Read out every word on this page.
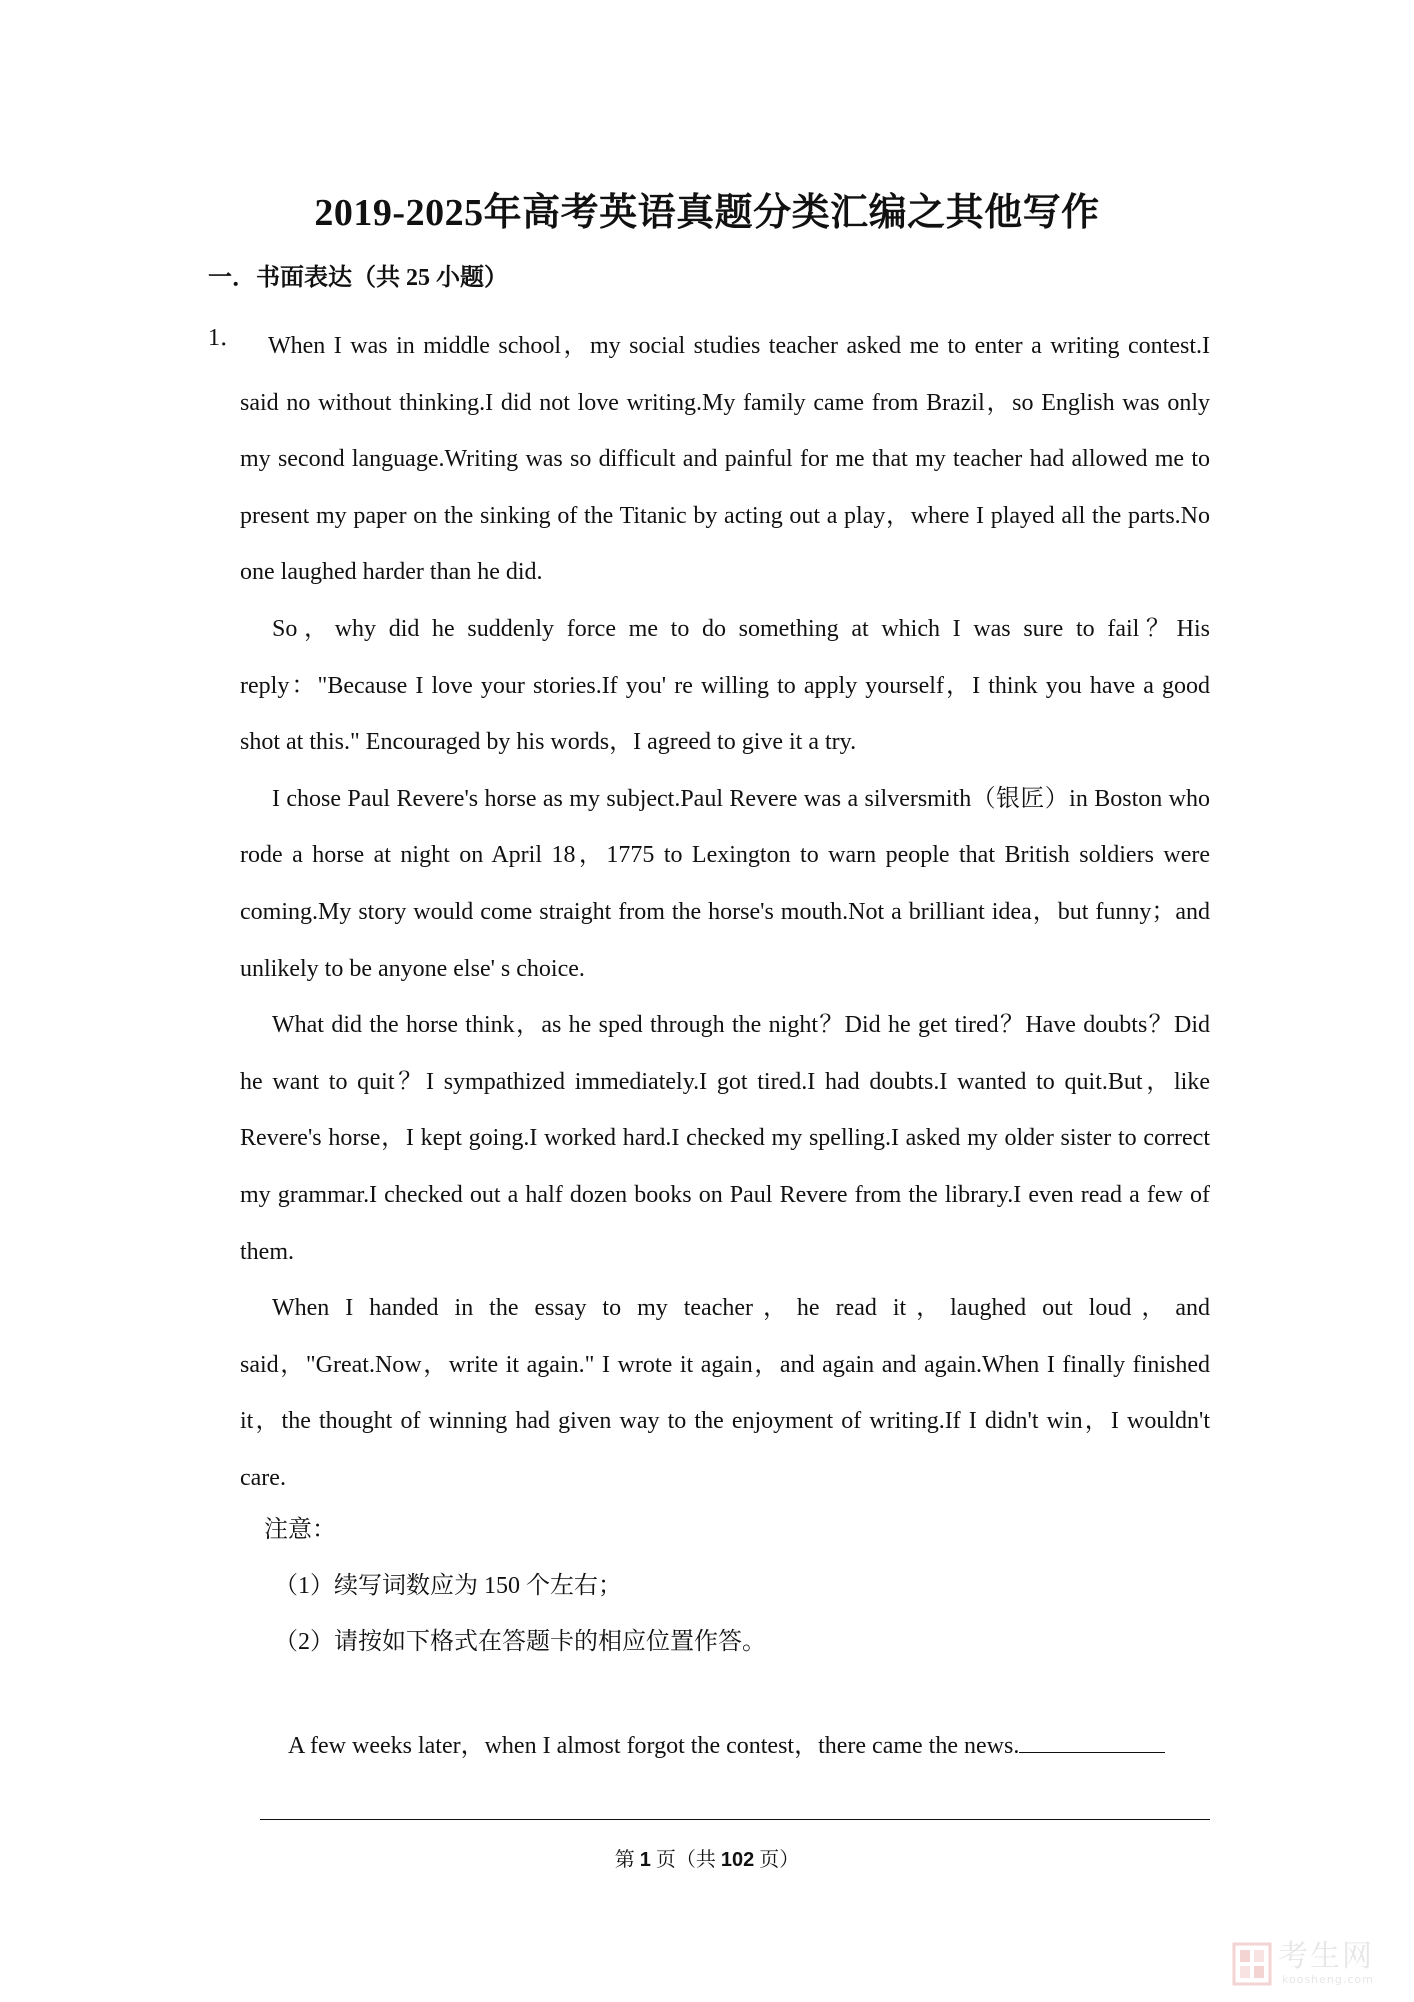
2019-2025年高考英语真题分类汇编之其他写作
一．书面表达（共 25 小题）
1．	When I was in middle school，my social studies teacher asked me to enter a writing contest.I said no without thinking.I did not love writing.My family came from Brazil，so English was only my second language.Writing was so difficult and painful for me that my teacher had allowed me to present my paper on the sinking of the Titanic by acting out a play，where I played all the parts.No one laughed harder than he did.

So，why did he suddenly force me to do something at which I was sure to fail？His reply："Because I love your stories.If you' re willing to apply yourself，I think you have a good shot at this." Encouraged by his words，I agreed to give it a try.

I chose Paul Revere's horse as my subject.Paul Revere was a silversmith（银匠）in Boston who rode a horse at night on April 18，1775 to Lexington to warn people that British soldiers were coming.My story would come straight from the horse's mouth.Not a brilliant idea，but funny；and unlikely to be anyone else' s choice.

What did the horse think，as he sped through the night？Did he get tired？Have doubts？Did he want to quit？I sympathized immediately.I got tired.I had doubts.I wanted to quit.But，like Revere's horse，I kept going.I worked hard.I checked my spelling.I asked my older sister to correct my grammar.I checked out a half dozen books on Paul Revere from the library.I even read a few of them.

When I handed in the essay to my teacher，he read it，laughed out loud，and said，"Great.Now，write it again." I wrote it again，and again and again.When I finally finished it，the thought of winning had given way to the enjoyment of writing.If I didn't win，I wouldn't care.

注意：

（1）续写词数应为 150 个左右；

（2）请按如下格式在答题卡的相应位置作答。

A few weeks later，when I almost forgot the contest，there came the news.
第 1 页（共 102 页）
考生网
koosheng.com
